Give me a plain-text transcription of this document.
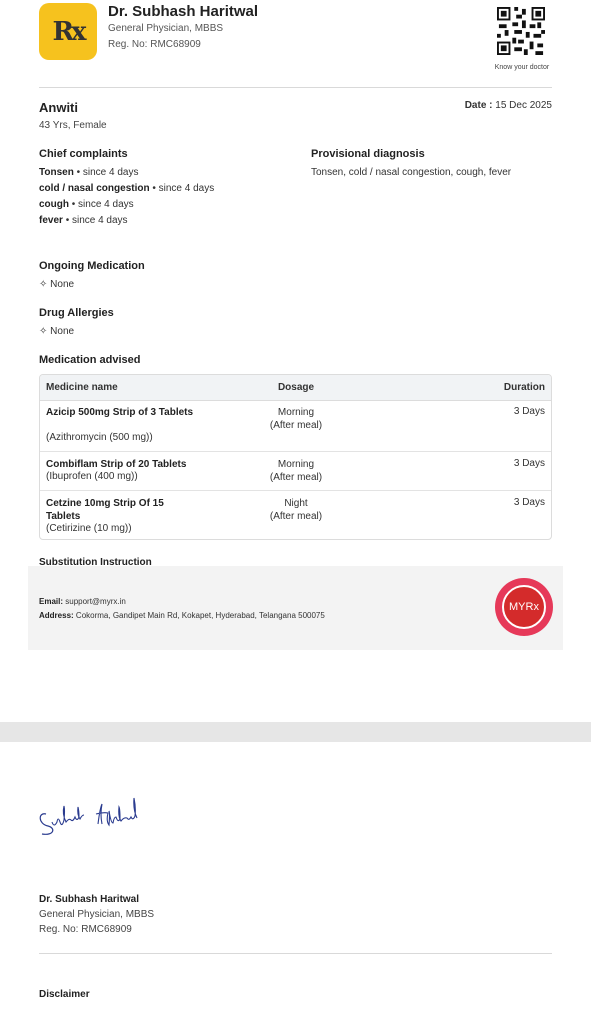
Rx
Dr. Subhash Haritwal
General Physician, MBBS
Reg. No: RMC68909
Know your doctor
Anwiti
43 Yrs, Female
Date : 15 Dec 2025
Chief complaints
Tonsen • since 4 days
cold / nasal congestion • since 4 days
cough • since 4 days
fever • since 4 days
Provisional diagnosis
Tonsen, cold / nasal congestion, cough, fever
Ongoing Medication
✧ None
Drug Allergies
✧ None
Medication advised
Medicine name	Dosage	Duration
Azicip 500mg Strip of 3 Tablets
(Azithromycin (500 mg))
Morning
(After meal)
3 Days
Combiflam Strip of 20 Tablets
(Ibuprofen (400 mg))
Morning
(After meal)
3 Days
Cetzine 10mg Strip Of 15 Tablets
(Cetirizine (10 mg))
Night
(After meal)
3 Days
Substitution Instruction
Email: support@myrx.in
Address: Cokorma, Gandipet Main Rd, Kokapet, Hyderabad, Telangana 500075
MYRx
Dr. Subhash Haritwal
General Physician, MBBS
Reg. No: RMC68909
Disclaimer
